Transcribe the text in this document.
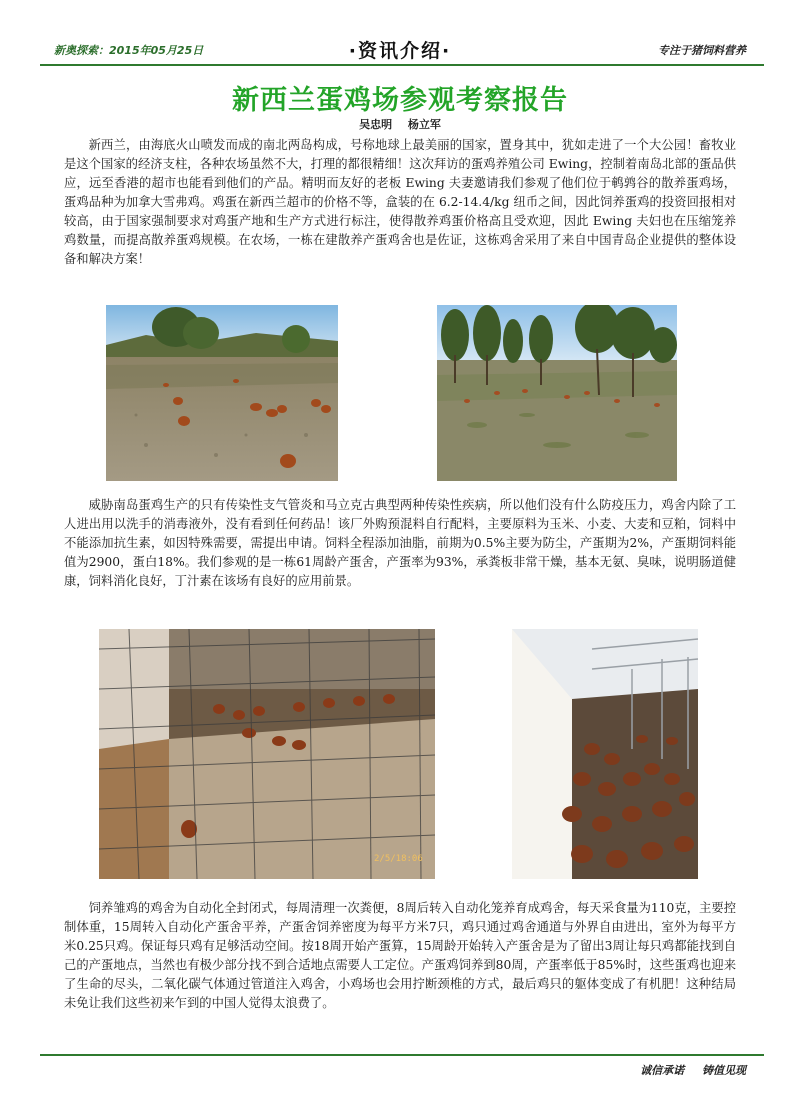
新奥探索：2015年05月25日	·资讯介绍·	专注于猪饲料营养
新西兰蛋鸡场参观考察报告
吴忠明 杨立军

新西兰，由海底火山喷发而成的南北两岛构成，号称地球上最美丽的国家，置身其中，犹如走进了一个大公园！畜牧业是这个国家的经济支柱，各种农场虽然不大，打理的都很精细！这次拜访的蛋鸡养殖公司 Ewing，控制着南岛北部的蛋品供应，远至香港的超市也能看到他们的产品。精明而友好的老板 Ewing 夫妻邀请我们参观了他们位于鹌鹑谷的散养蛋鸡场，蛋鸡品种为加拿大雪弗鸡。鸡蛋在新西兰超市的价格不等，盒装的在 6.2-14.4/kg 纽币之间，因此饲养蛋鸡的投资回报相对较高，由于国家强制要求对鸡蛋产地和生产方式进行标注，使得散养鸡蛋价格高且受欢迎，因此 Ewing 夫妇也在压缩笼养鸡数量，而提高散养蛋鸡规模。在农场，一栋在建散养产蛋鸡舍也是佐证，这栋鸡舍采用了来自中国青岛企业提供的整体设备和解决方案！

威胁南岛蛋鸡生产的只有传染性支气管炎和马立克古典型两种传染性疾病，所以他们没有什么防疫压力，鸡舍内除了工人进出用以洗手的消毒液外，没有看到任何药品！该厂外购预混料自行配料，主要原料为玉米、小麦、大麦和豆粕，饲料中不能添加抗生素，如因特殊需要，需提出申请。饲料全程添加油脂，前期为0.5%主要为防尘，产蛋期为2%，产蛋期饲料能值为2900，蛋白18%。我们参观的是一栋61周龄产蛋舍，产蛋率为93%，承粪板非常干燥，基本无氨、臭味，说明肠道健康，饲料消化良好，丁汁素在该场有良好的应用前景。

2/5/18:06

饲养雏鸡的鸡舍为自动化全封闭式，每周清理一次粪便，8周后转入自动化笼养育成鸡舍，每天采食量为110克，主要控制体重，15周转入自动化产蛋舍平养，产蛋舍饲养密度为每平方米7只，鸡只通过鸡舍通道与外界自由进出，室外为每平方米0.25只鸡。保证每只鸡有足够活动空间。按18周开始产蛋算，15周龄开始转入产蛋舍是为了留出3周让每只鸡都能找到自己的产蛋地点，当然也有极少部分找不到合适地点需要人工定位。产蛋鸡饲养到80周，产蛋率低于85%时，这些蛋鸡也迎来了生命的尽头，二氧化碳气体通过管道注入鸡舍，小鸡场也会用拧断颈椎的方式，最后鸡只的躯体变成了有机肥！这种结局未免让我们这些初来乍到的中国人觉得太浪费了。

诚信承诺 铸值见现
